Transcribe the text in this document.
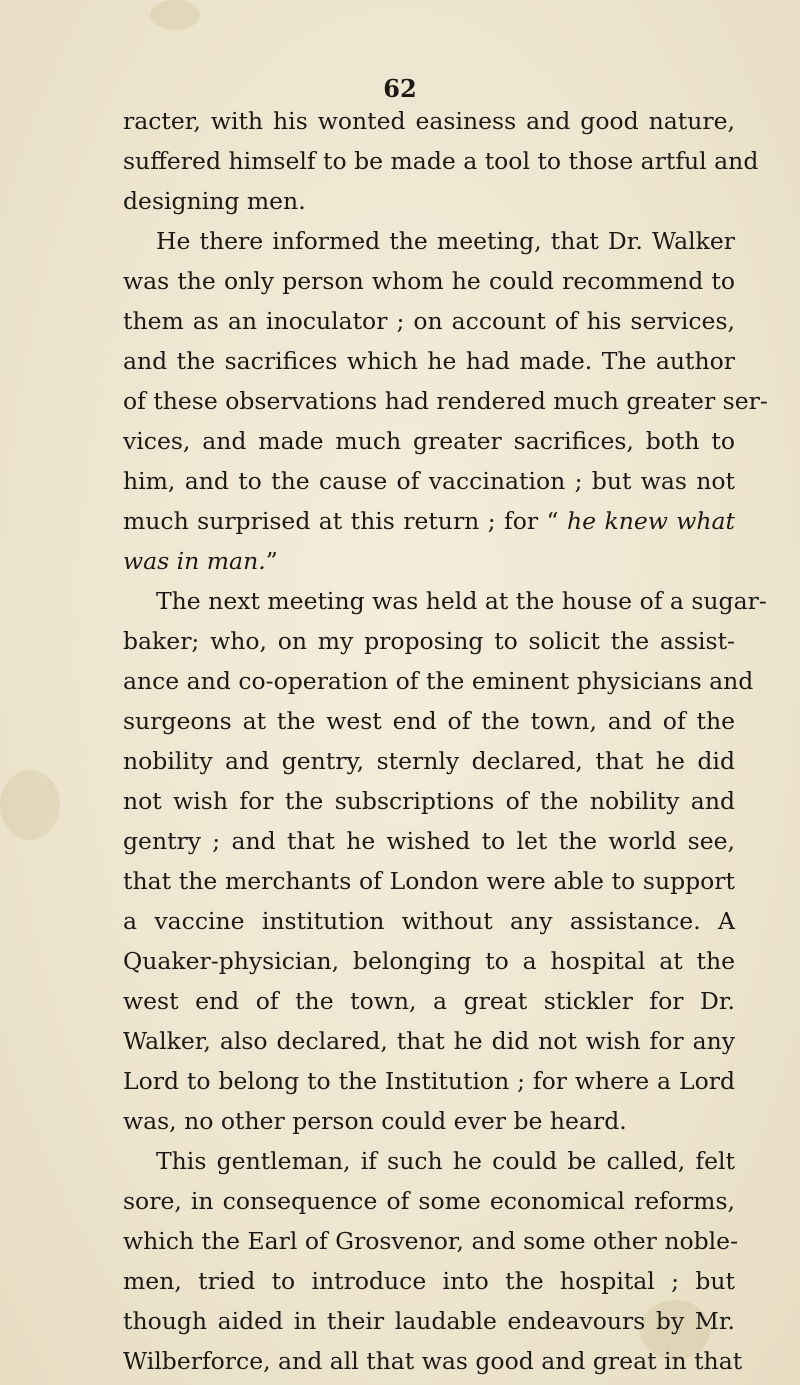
62
racter, with his wonted easiness and good nature,
suffered himself to be made a tool to those artful and
designing men.
He there informed the meeting, that Dr. Walker
was the only person whom he could recommend to
them as an inoculator ; on account of his services,
and the sacrifices which he had made. The author
of these observations had rendered much greater ser-
vices, and made much greater sacrifices, both to
him, and to the cause of vaccination ; but was not
much surprised at this return ; for “ he knew what
was in man.”
The next meeting was held at the house of a sugar-
baker; who, on my proposing to solicit the assist-
ance and co-operation of the eminent physicians and
surgeons at the west end of the town, and of the
nobility and gentry, sternly declared, that he did
not wish for the subscriptions of the nobility and
gentry ; and that he wished to let the world see,
that the merchants of London were able to support
a vaccine institution without any assistance. A
Quaker-physician, belonging to a hospital at the
west end of the town, a great stickler for Dr.
Walker, also declared, that he did not wish for any
Lord to belong to the Institution ; for where a Lord
was, no other person could ever be heard.
This gentleman, if such he could be called, felt
sore, in consequence of some economical reforms,
which the Earl of Grosvenor, and some other noble-
men, tried to introduce into the hospital ; but
though aided in their laudable endeavours by Mr.
Wilberforce, and all that was good and great in that
